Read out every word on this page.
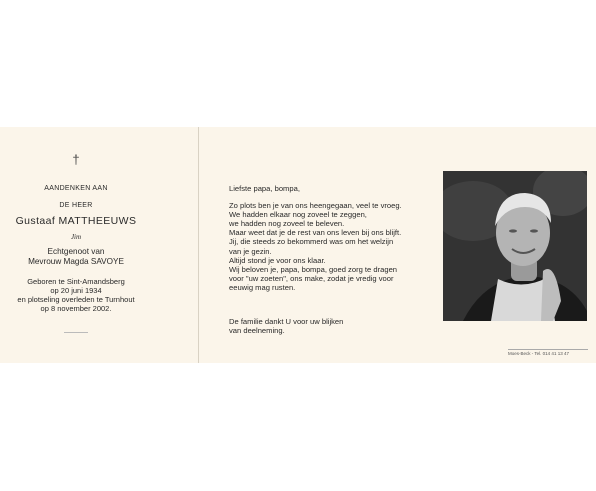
†
AANDENKEN AAN
DE HEER
Gustaaf MATTHEEUWS
Jim
Echtgenoot van
Mevrouw Magda SAVOYE
Geboren te Sint-Amandsberg
op 20 juni 1934
en plotseling overleden te Turnhout
op 8 november 2002.
Liefste papa, bompa,
Zo plots ben je van ons heengegaan, veel te vroeg.
We hadden elkaar nog zoveel te zeggen,
we hadden nog zoveel te beleven.
Maar weet dat je de rest van ons leven bij ons blijft.
Jij, die steeds zo bekommerd was om het welzijn
van je gezin.
Altijd stond je voor ons klaar.
Wij beloven je, papa, bompa, goed zorg te dragen
voor "uw zoeten", ons make, zodat je vredig voor
eeuwig mag rusten.
De familie dankt U voor uw blijken
van deelneming.
Moes-Beck - Tel. 014 41 13 47
